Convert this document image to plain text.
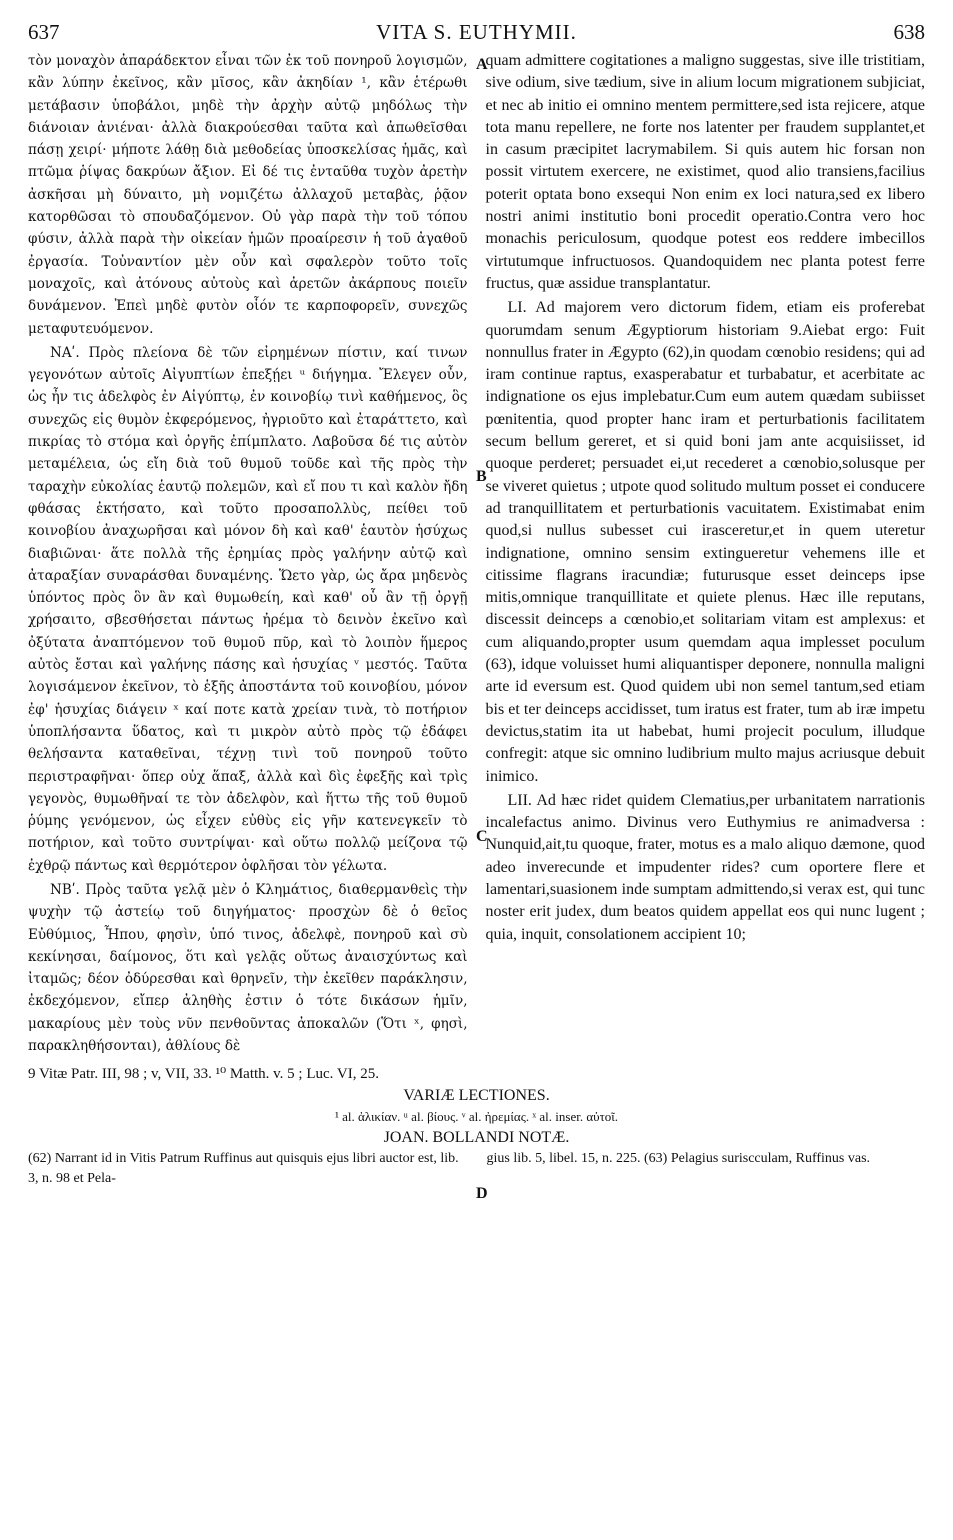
637	VITA S. EUTHYMII.	638

τὸν μοναχὸν ἀπαράδεκτον εἶναι τῶν ἐκ τοῦ πονηροῦ λογισμῶν, κἂν λύπην ἐκεῖνος, κἂν μῖσος, κἂν ἀκηδίαν ¹, κἂν ἑτέρωθι μετάβασιν ὑποβάλοι, μηδὲ τὴν ἀρχὴν αὐτῷ μηδόλως τὴν διάνοιαν ἀνιέναι· ἀλλὰ διακρούεσθαι ταῦτα καὶ ἀπωθεῖσθαι πάσῃ χειρί· μήποτε λάθῃ διὰ μεθοδείας ὑποσκελίσας ἡμᾶς, καὶ πτῶμα ῥίψας δακρύων ἄξιον. Εἰ δέ τις ἐνταῦθα τυχὸν ἀρετὴν ἀσκῆσαι μὴ δύναιτο, μὴ νομιζέτω ἀλλαχοῦ μεταβὰς, ῥᾷον κατορθῶσαι τὸ σπουδαζόμενον. Οὐ γὰρ παρὰ τὴν τοῦ τόπου φύσιν, ἀλλὰ παρὰ τὴν οἰκείαν ἡμῶν προαίρεσιν ἡ τοῦ ἀγαθοῦ ἐργασία. Τοὐναντίον μὲν οὖν καὶ σφαλερὸν τοῦτο τοῖς μοναχοῖς, καὶ ἀτόνους αὐτοὺς καὶ ἀρετῶν ἀκάρπους ποιεῖν δυνάμενον. Ἐπεὶ μηδὲ φυτὸν οἷόν τε καρποφορεῖν, συνεχῶς μεταφυτευόμενον.

ΝΑʹ. Πρὸς πλείονα δὲ τῶν εἰρημένων πίστιν, καί τινων γεγονότων αὐτοῖς Αἰγυπτίων ἐπεξῄει ᵘ διήγημα. Ἔλεγεν οὖν, ὡς ἦν τις ἀδελφὸς ἐν Αἰγύπτῳ, ἐν κοινοβίῳ τινὶ καθήμενος, ὃς συνεχῶς εἰς θυμὸν ἐκφερόμενος, ἠγριοῦτο καὶ ἐταράττετο, καὶ πικρίας τὸ στόμα καὶ ὀργῆς ἐπίμπλατο. Λαβοῦσα δέ τις αὐτὸν μεταμέλεια, ὡς εἴη διὰ τοῦ θυμοῦ τοῦδε καὶ τῆς πρὸς τὴν ταραχὴν εὐκολίας ἑαυτῷ πολεμῶν, καὶ εἴ που τι καὶ καλὸν ἤδη φθάσας ἐκτήσατο, καὶ τοῦτο προσαπολλὺς, πείθει τοῦ κοινοβίου ἀναχωρῆσαι καὶ μόνον δὴ καὶ καθ' ἑαυτὸν ἡσύχως διαβιῶναι· ἅτε πολλὰ τῆς ἐρημίας πρὸς γαλήνην αὐτῷ καὶ ἀταραξίαν συναράσθαι δυναμένης. Ὥετο γὰρ, ὡς ἄρα μηδενὸς ὑπόντος πρὸς ὃν ἂν καὶ θυμωθείη, καὶ καθ' οὗ ἂν τῇ ὀργῇ χρήσαιτο, σβεσθήσεται πάντως ἠρέμα τὸ δεινὸν ἐκεῖνο καὶ ὀξύτατα ἀναπτόμενον τοῦ θυμοῦ πῦρ, καὶ τὸ λοιπὸν ἥμερος αὐτὸς ἔσται καὶ γαλήνης πάσης καὶ ἡσυχίας ᵛ μεστός. Ταῦτα λογισάμενον ἐκεῖνον, τὸ ἑξῆς ἀποστάντα τοῦ κοινοβίου, μόνον ἐφ' ἡσυχίας διάγειν ˣ καί ποτε κατὰ χρείαν τινὰ, τὸ ποτήριον ὑποπλήσαντα ὕδατος, καὶ τι μικρὸν αὐτὸ πρὸς τῷ ἐδάφει θελήσαντα καταθεῖναι, τέχνῃ τινὶ τοῦ πονηροῦ τοῦτο περιστραφῆναι· ὅπερ οὐχ ἅπαξ, ἀλλὰ καὶ δὶς ἐφεξῆς καὶ τρὶς γεγονὸς, θυμωθῆναί τε τὸν ἀδελφὸν, καὶ ἥττω τῆς τοῦ θυμοῦ ῥύμης γενόμενον, ὡς εἶχεν εὐθὺς εἰς γῆν κατενεγκεῖν τὸ ποτήριον, καὶ τοῦτο συντρίψαι· καὶ οὕτω πολλῷ μείζονα τῷ ἐχθρῷ πάντως καὶ θερμότερον ὀφλῆσαι τὸν γέλωτα.

ΝΒʹ. Πρὸς ταῦτα γελᾷ μὲν ὁ Κλημάτιος, διαθερμανθεὶς τὴν ψυχὴν τῷ ἀστείῳ τοῦ διηγήματος· προσχὼν δὲ ὁ θεῖος Εὐθύμιος, Ἦπου, φησὶν, ὑπό τινος, ἀδελφὲ, πονηροῦ καὶ σὺ κεκίνησαι, δαίμονος, ὅτι καὶ γελᾷς οὕτως ἀναισχύντως καὶ ἰταμῶς; δέον ὀδύρεσθαι καὶ θρηνεῖν, τὴν ἐκεῖθεν παράκλησιν, ἐκδεχόμενον, εἴπερ ἀληθὴς ἐστιν ὁ τότε δικάσων ἡμῖν, μακαρίους μὲν τοὺς νῦν πενθοῦντας ἀποκαλῶν (Ὅτι ˣ, φησὶ, παρακληθήσονται), ἀθλίους δὲ

quam admittere cogitationes a maligno suggestas, sive ille tristitiam, sive odium, sive tædium, sive in alium locum migrationem subjiciat, et nec ab initio ei omnino mentem permittere,sed ista rejicere, atque tota manu repellere, ne forte nos latenter per fraudem supplantet,et in casum præcipitet lacrymabilem. Si quis autem hic forsan non possit virtutem exercere, ne existimet, quod alio transiens,facilius poterit optata bono exsequi Non enim ex loci natura,sed ex libero nostri animi institutio boni procedit operatio.Contra vero hoc monachis periculosum, quodque potest eos reddere imbecillos virtutumque infructuosos. Quandoquidem nec planta potest ferre fructus, quæ assidue transplantatur.

LI. Ad majorem vero dictorum fidem, etiam eis proferebat quorumdam senum Ægyptiorum historiam 9.Aiebat ergo: Fuit nonnullus frater in Ægypto (62),in quodam cœnobio residens; qui ad iram continue raptus, exasperabatur et turbabatur, et acerbitate ac indignatione os ejus implebatur.Cum eum autem quædam subiisset pœnitentia, quod propter hanc iram et perturbationis facilitatem secum bellum gereret, et si quid boni jam ante acquisiisset, id quoque perderet; persuadet ei,ut recederet a cœnobio,solusque per se viveret quietus ; utpote quod solitudo multum posset ei conducere ad tranquillitatem et perturbationis vacuitatem. Existimabat enim quod,si nullus subesset cui irasceretur,et in quem uteretur indignatione, omnino sensim extingueretur vehemens ille et citissime flagrans iracundiæ; futurusque esset deinceps ipse mitis,omnique tranquillitate et quiete plenus. Hæc ille reputans, discessit deinceps a cœnobio,et solitariam vitam est amplexus: et cum aliquando,propter usum quemdam aqua implesset poculum (63), idque voluisset humi aliquantisper deponere, nonnulla maligni arte id eversum est. Quod quidem ubi non semel tantum,sed etiam bis et ter deinceps accidisset, tum iratus est frater, tum ab iræ impetu devictus,statim ita ut habebat, humi projecit poculum, illudque confregit: atque sic omnino ludibrium multo majus acriusque debuit inimico.

LII. Ad hæc ridet quidem Clematius,per urbanitatem narrationis incalefactus animo. Divinus vero Euthymius re animadversa : Nunquid,ait,tu quoque, frater, motus es a malo aliquo dæmone, quod adeo inverecunde et impudenter rides? cum oportere flere et lamentari,suasionem inde sumptam admittendo,si verax est, qui tunc noster erit judex, dum beatos quidem appellat eos qui nunc lugent ; quia, inquit, consolationem accipient 10;

A
B
C
D
9 Vitæ Patr. III, 98 ; v, VII, 33. ¹⁰ Matth. v. 5 ; Luc. VI, 25.
VARIÆ LECTIONES.
¹ al. ἀλικίαν. ᵘ al. βίους. ᵛ al. ἠρεμίας. ˣ al. inser. αὐτοῖ.
JOAN. BOLLANDI NOTÆ.
(62) Narrant id in Vitis Patrum Ruffinus aut quisquis ejus libri auctor est, lib. 3, n. 98 et Pela-
gius lib. 5, libel. 15, n. 225. (63) Pelagius suriscculam, Ruffinus vas.
